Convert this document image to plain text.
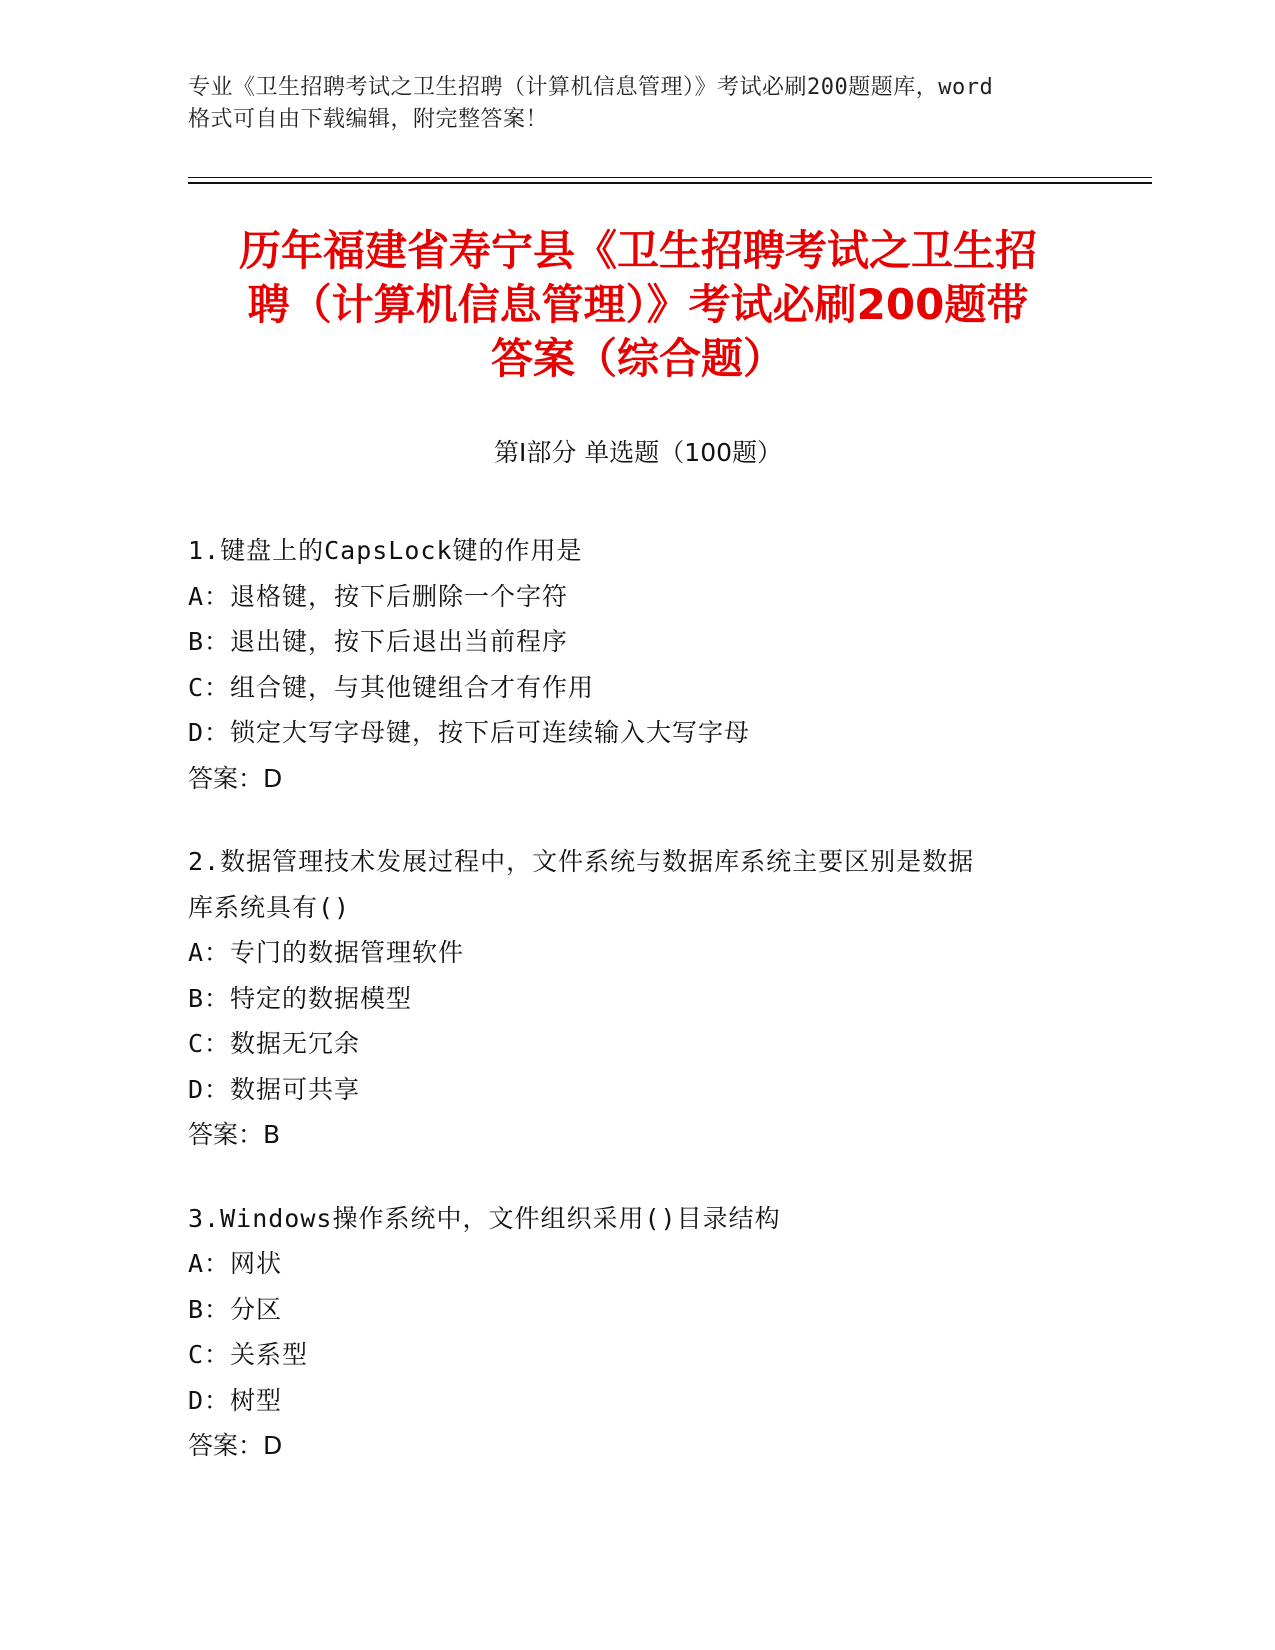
专业《卫生招聘考试之卫生招聘（计算机信息管理）》考试必刷200题题库，word
格式可自由下载编辑，附完整答案！
历年福建省寿宁县《卫生招聘考试之卫生招
聘（计算机信息管理）》考试必刷200题带
答案（综合题）
第Ⅰ部分 单选题（100题）
1.键盘上的CapsLock键的作用是
A：退格键，按下后删除一个字符
B：退出键，按下后退出当前程序
C：组合键，与其他键组合才有作用
D：锁定大写字母键，按下后可连续输入大写字母
答案：D
2.数据管理技术发展过程中，文件系统与数据库系统主要区别是数据
库系统具有()
A：专门的数据管理软件
B：特定的数据模型
C：数据无冗余
D：数据可共享
答案：B
3.Windows操作系统中，文件组织采用()目录结构
A：网状
B：分区
C：关系型
D：树型
答案：D
